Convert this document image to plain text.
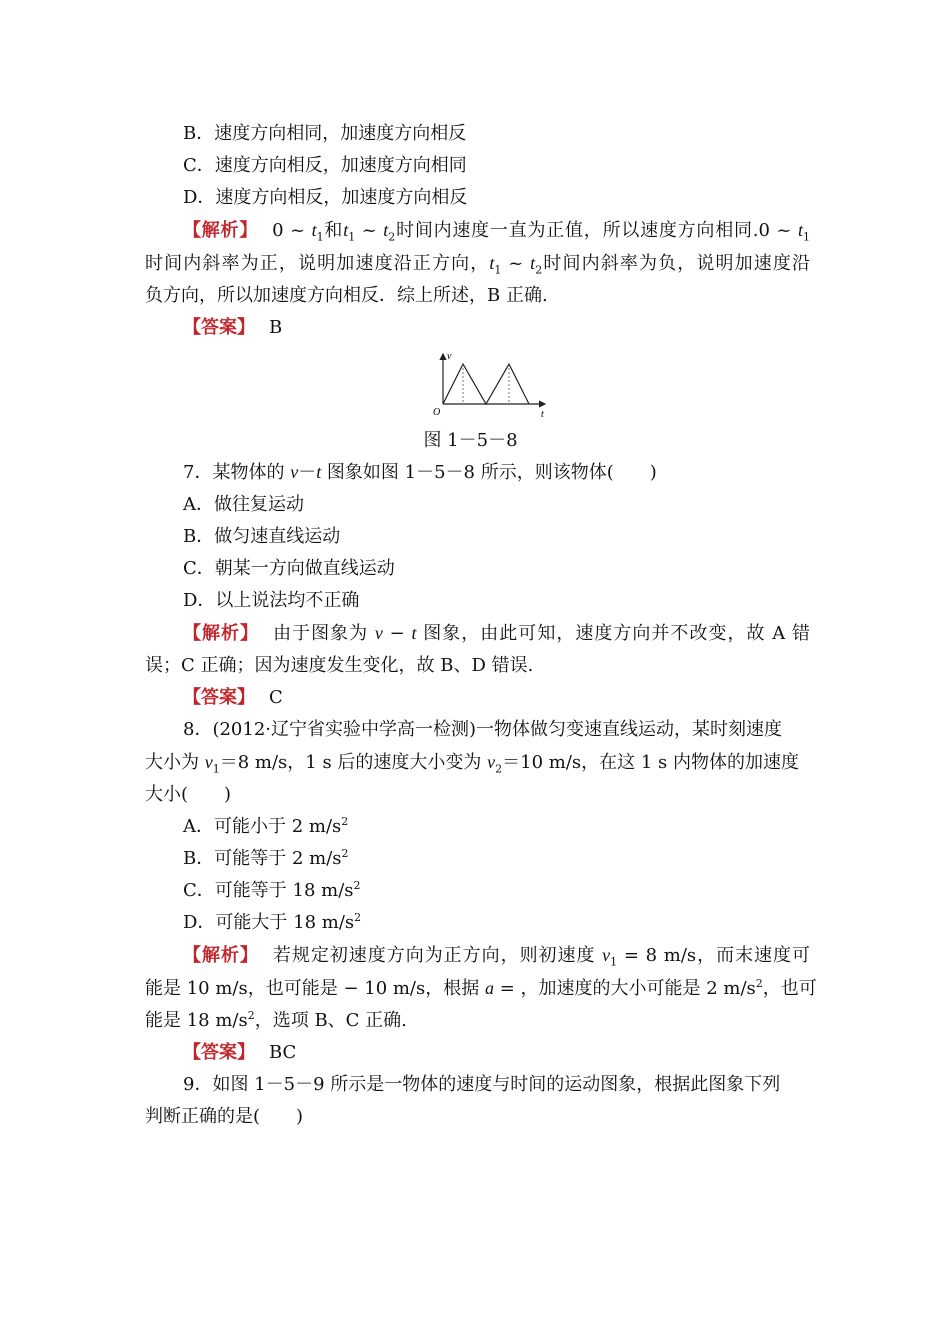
B．速度方向相同，加速度方向相反
C．速度方向相反，加速度方向相同
D．速度方向相反，加速度方向相反
【解析】 0 ~ $t_1$和$t_1$ ~ $t_2$时间内速度一直为正值，所以速度方向相同.0 ~ $t_1$
时间内斜率为正，说明加速度沿正方向，$t_1$ ~ $t_2$时间内斜率为负，说明加速度沿
负方向，所以加速度方向相反．综上所述，B 正确.
【答案】 B
v
t
O
图 1－5－8
7．某物体的 v－t 图象如图 1－5－8 所示，则该物体(　　)
A．做往复运动
B．做匀速直线运动
C．朝某一方向做直线运动
D．以上说法均不正确
【解析】 由于图象为 v − t 图象，由此可知，速度方向并不改变，故 A 错
误；C 正确；因为速度发生变化，故 B、D 错误.
【答案】 C
8．(2012·辽宁省实验中学高一检测)一物体做匀变速直线运动，某时刻速度
大小为 $v_1=8$ m/s，1 s 后的速度大小变为 $v_2=10$ m/s，在这 1 s 内物体的加速度
大小(　　)
A．可能小于 2 $m/s^2$
B．可能等于 2 $m/s^2$
C．可能等于 18 $m/s^2$
D．可能大于 18 $m/s^2$
【解析】 若规定初速度方向为正方向，则初速度 $v_1 = 8$ m/s，而末速度可
能是 10 m/s，也可能是 − 10 m/s，根据 a = ，加速度的大小可能是 2 $m/s^2$，也可
能是 18 $m/s^2$，选项 B、C 正确.
【答案】 BC
9．如图 1－5－9 所示是一物体的速度与时间的运动图象，根据此图象下列
判断正确的是(　　)
